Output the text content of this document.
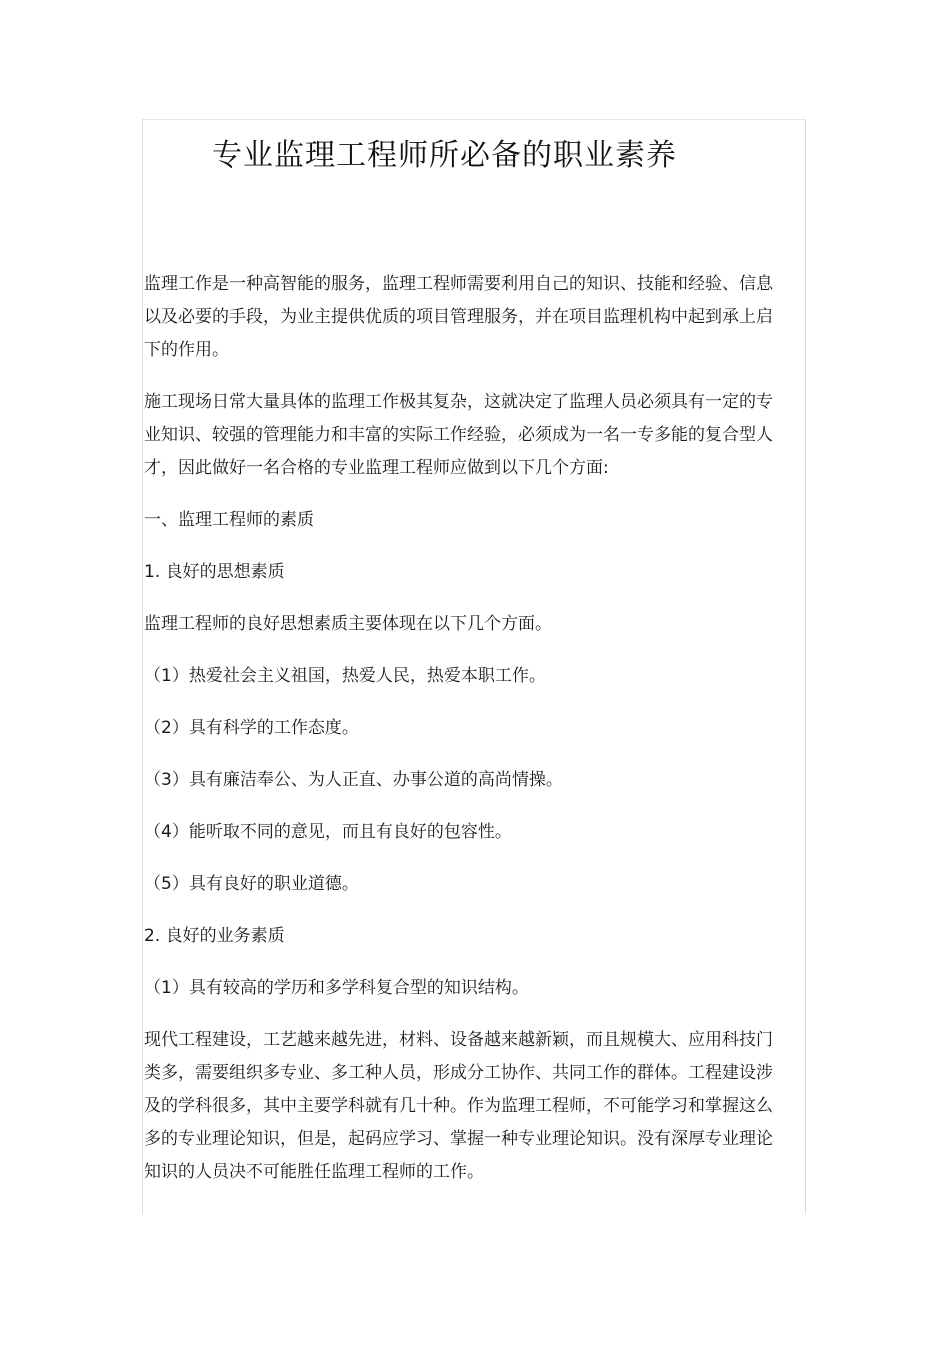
专业监理工程师所必备的职业素养

监理工作是一种高智能的服务，监理工程师需要利用自己的知识、技能和经验、信息以及必要的手段，为业主提供优质的项目管理服务，并在项目监理机构中起到承上启下的作用。

施工现场日常大量具体的监理工作极其复杂，这就决定了监理人员必须具有一定的专业知识、较强的管理能力和丰富的实际工作经验，必须成为一名一专多能的复合型人才，因此做好一名合格的专业监理工程师应做到以下几个方面:

一、监理工程师的素质

1. 良好的思想素质

监理工程师的良好思想素质主要体现在以下几个方面。

（1）热爱社会主义祖国，热爱人民，热爱本职工作。

（2）具有科学的工作态度。

（3）具有廉洁奉公、为人正直、办事公道的高尚情操。

（4）能听取不同的意见，而且有良好的包容性。

（5）具有良好的职业道德。

2. 良好的业务素质

（1）具有较高的学历和多学科复合型的知识结构。

现代工程建设，工艺越来越先进，材料、设备越来越新颖，而且规模大、应用科技门类多，需要组织多专业、多工种人员，形成分工协作、共同工作的群体。工程建设涉及的学科很多，其中主要学科就有几十种。作为监理工程师，不可能学习和掌握这么多的专业理论知识，但是，起码应学习、掌握一种专业理论知识。没有深厚专业理论知识的人员决不可能胜任监理工程师的工作。
